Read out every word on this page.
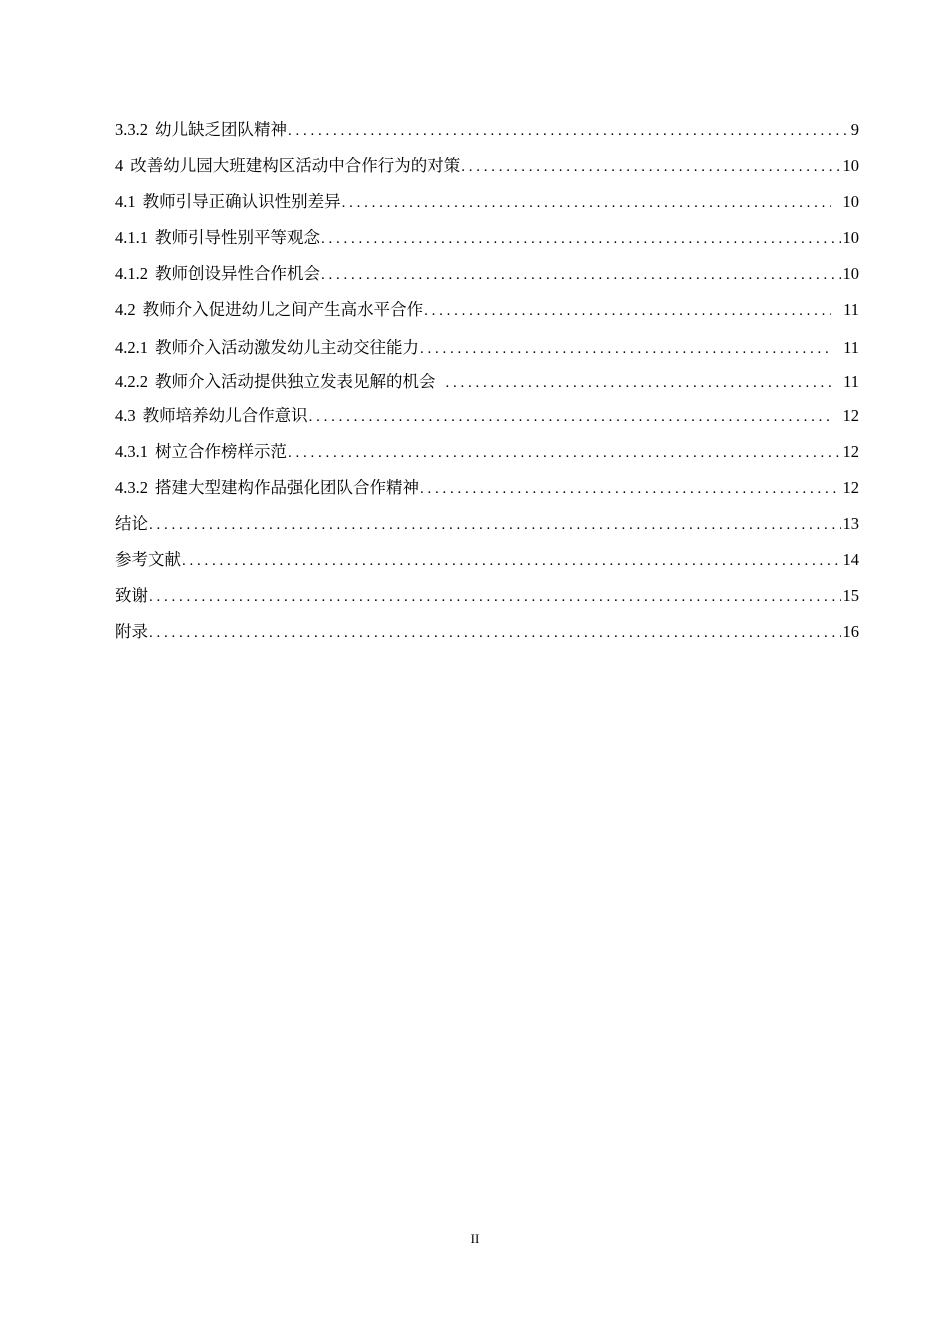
3.3.2 幼儿缺乏团队精神 . . .	9
4 改善幼儿园大班建构区活动中合作行为的对策 . . .	10
4.1 教师引导正确认识性别差异 . . .	10
4.1.1 教师引导性别平等观念 . . .	10
4.1.2 教师创设异性合作机会 . . .	10
4.2 教师介入促进幼儿之间产生高水平合作 . . .	11
4.2.1 教师介入活动激发幼儿主动交往能力 . . .	11
4.2.2 教师介入活动提供独立发表见解的机会 . . .	11
4.3 教师培养幼儿合作意识 . . .	12
4.3.1 树立合作榜样示范 . . .	12
4.3.2 搭建大型建构作品强化团队合作精神 . . .	12
结论 . . .	13
参考文献 . . .	14
致谢 . . .	15
附录 . . .	16
II
